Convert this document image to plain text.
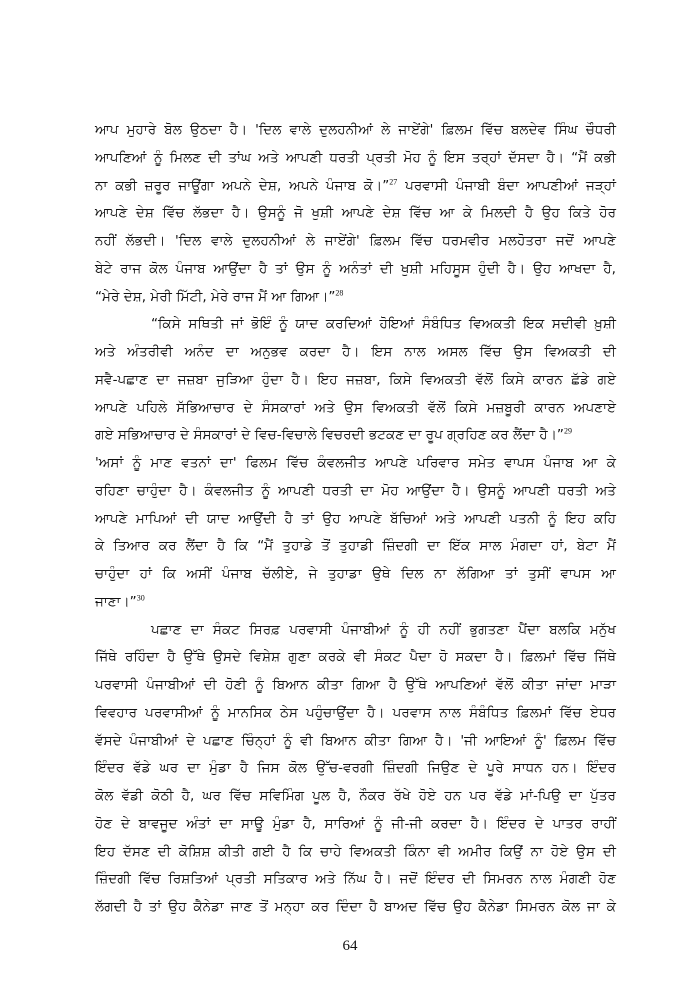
ਆਪ ਮੁਹਾਰੇ ਬੋਲ ਉਠਦਾ ਹੈ। 'ਦਿਲ ਵਾਲੇ ਦੁਲਹਨੀਆਂ ਲੇ ਜਾਏਂਗੇ' ਫ਼ਿਲਮ ਵਿੱਚ ਬਲਦੇਵ ਸਿੰਘ ਚੌਧਰੀ
ਆਪਣਿਆਂ ਨੂੰ ਮਿਲਣ ਦੀ ਤਾਂਘ ਅਤੇ ਆਪਣੀ ਧਰਤੀ ਪ੍ਰਤੀ ਮੋਹ ਨੂੰ ਇਸ ਤਰ੍ਹਾਂ ਦੱਸਦਾ ਹੈ। “ਮੈਂ ਕਭੀ
ਨਾ ਕਭੀ ਜ਼ਰੂਰ ਜਾਊਂਗਾ ਅਪਨੇ ਦੇਸ਼, ਅਪਨੇ ਪੰਜਾਬ ਕੋ।”$^{27}$ ਪਰਵਾਸੀ ਪੰਜਾਬੀ ਬੰਦਾ ਆਪਣੀਆਂ ਜੜ੍ਹਾਂ
ਆਪਣੇ ਦੇਸ਼ ਵਿੱਚ ਲੱਭਦਾ ਹੈ। ਉਸਨੂੰ ਜੋ ਖੁਸ਼ੀ ਆਪਣੇ ਦੇਸ਼ ਵਿੱਚ ਆ ਕੇ ਮਿਲਦੀ ਹੈ ਉਹ ਕਿਤੇ ਹੋਰ
ਨਹੀਂ ਲੱਭਦੀ। 'ਦਿਲ ਵਾਲੇ ਦੁਲਹਨੀਆਂ ਲੇ ਜਾਏਂਗੇ' ਫ਼ਿਲਮ ਵਿੱਚ ਧਰਮਵੀਰ ਮਲਹੋਤਰਾ ਜਦੋਂ ਆਪਣੇ
ਬੇਟੇ ਰਾਜ ਕੋਲ ਪੰਜਾਬ ਆਉਂਦਾ ਹੈ ਤਾਂ ਉਸ ਨੂੰ ਅਨੰਤਾਂ ਦੀ ਖੁਸ਼ੀ ਮਹਿਸੂਸ ਹੁੰਦੀ ਹੈ। ਉਹ ਆਖਦਾ ਹੈ,
“ਮੇਰੇ ਦੇਸ਼, ਮੇਰੀ ਮਿੱਟੀ, ਮੇਰੇ ਰਾਜ ਮੈਂ ਆ ਗਿਆ।”$^{28}$
“ਕਿਸੇ ਸਥਿਤੀ ਜਾਂ ਭੋਇੰ ਨੂੰ ਯਾਦ ਕਰਦਿਆਂ ਹੋਇਆਂ ਸੰਬੰਧਿਤ ਵਿਅਕਤੀ ਇਕ ਸਦੀਵੀ ਖ਼ੁਸ਼ੀ
ਅਤੇ ਅੰਤਰੀਵੀ ਅਨੰਦ ਦਾ ਅਨੁਭਵ ਕਰਦਾ ਹੈ। ਇਸ ਨਾਲ ਅਸਲ ਵਿੱਚ ਉਸ ਵਿਅਕਤੀ ਦੀ
ਸਵੈ-ਪਛਾਣ ਦਾ ਜਜ਼ਬਾ ਜੁੜਿਆ ਹੁੰਦਾ ਹੈ। ਇਹ ਜਜ਼ਬਾ, ਕਿਸੇ ਵਿਅਕਤੀ ਵੱਲੋਂ ਕਿਸੇ ਕਾਰਨ ਛੱਡੇ ਗਏ
ਆਪਣੇ ਪਹਿਲੇ ਸੱਭਿਆਚਾਰ ਦੇ ਸੰਸਕਾਰਾਂ ਅਤੇ ਉਸ ਵਿਅਕਤੀ ਵੱਲੋਂ ਕਿਸੇ ਮਜ਼ਬੂਰੀ ਕਾਰਨ ਅਪਣਾਏ
ਗਏ ਸਭਿਆਚਾਰ ਦੇ ਸੰਸਕਾਰਾਂ ਦੇ ਵਿਚ-ਵਿਚਾਲੇ ਵਿਚਰਦੀ ਭਟਕਣ ਦਾ ਰੂਪ ਗ੍ਰਹਿਣ ਕਰ ਲੈਂਦਾ ਹੈ।”$^{29}$
'ਅਸਾਂ ਨੂੰ ਮਾਣ ਵਤਨਾਂ ਦਾ' ਫਿਲਮ ਵਿੱਚ ਕੰਵਲਜੀਤ ਆਪਣੇ ਪਰਿਵਾਰ ਸਮੇਤ ਵਾਪਸ ਪੰਜਾਬ ਆ ਕੇ
ਰਹਿਣਾ ਚਾਹੁੰਦਾ ਹੈ। ਕੰਵਲਜੀਤ ਨੂੰ ਆਪਣੀ ਧਰਤੀ ਦਾ ਮੋਹ ਆਉਂਦਾ ਹੈ। ਉਸਨੂੰ ਆਪਣੀ ਧਰਤੀ ਅਤੇ
ਆਪਣੇ ਮਾਪਿਆਂ ਦੀ ਯਾਦ ਆਉਂਦੀ ਹੈ ਤਾਂ ਉਹ ਆਪਣੇ ਬੱਚਿਆਂ ਅਤੇ ਆਪਣੀ ਪਤਨੀ ਨੂੰ ਇਹ ਕਹਿ
ਕੇ ਤਿਆਰ ਕਰ ਲੈਂਦਾ ਹੈ ਕਿ “ਮੈਂ ਤੁਹਾਡੇ ਤੋਂ ਤੁਹਾਡੀ ਜ਼ਿੰਦਗੀ ਦਾ ਇੱਕ ਸਾਲ ਮੰਗਦਾ ਹਾਂ, ਬੇਟਾ ਮੈਂ
ਚਾਹੁੰਦਾ ਹਾਂ ਕਿ ਅਸੀਂ ਪੰਜਾਬ ਚੱਲੀਏ, ਜੇ ਤੁਹਾਡਾ ਉਥੇ ਦਿਲ ਨਾ ਲੱਗਿਆ ਤਾਂ ਤੁਸੀਂ ਵਾਪਸ ਆ
ਜਾਣਾ।”$^{30}$
ਪਛਾਣ ਦਾ ਸੰਕਟ ਸਿਰਫ਼ ਪਰਵਾਸੀ ਪੰਜਾਬੀਆਂ ਨੂੰ ਹੀ ਨਹੀਂ ਭੁਗਤਣਾ ਪੈਂਦਾ ਬਲਕਿ ਮਨੁੱਖ
ਜਿੱਥੇ ਰਹਿੰਦਾ ਹੈ ਉੱਥੇ ਉਸਦੇ ਵਿਸ਼ੇਸ਼ ਗੁਣਾ ਕਰਕੇ ਵੀ ਸੰਕਟ ਪੈਦਾ ਹੋ ਸਕਦਾ ਹੈ। ਫ਼ਿਲਮਾਂ ਵਿੱਚ ਜਿੱਥੇ
ਪਰਵਾਸੀ ਪੰਜਾਬੀਆਂ ਦੀ ਹੋਣੀ ਨੂੰ ਬਿਆਨ ਕੀਤਾ ਗਿਆ ਹੈ ਉੱਥੇ ਆਪਣਿਆਂ ਵੱਲੋਂ ਕੀਤਾ ਜਾਂਦਾ ਮਾੜਾ
ਵਿਵਹਾਰ ਪਰਵਾਸੀਆਂ ਨੂੰ ਮਾਨਸਿਕ ਠੇਸ ਪਹੁੰਚਾਉਂਦਾ ਹੈ। ਪਰਵਾਸ ਨਾਲ ਸੰਬੰਧਿਤ ਫ਼ਿਲਮਾਂ ਵਿੱਚ ਏਧਰ
ਵੱਸਦੇ ਪੰਜਾਬੀਆਂ ਦੇ ਪਛਾਣ ਚਿੰਨ੍ਹਾਂ ਨੂੰ ਵੀ ਬਿਆਨ ਕੀਤਾ ਗਿਆ ਹੈ। 'ਜੀ ਆਇਆਂ ਨੂੰ' ਫ਼ਿਲਮ ਵਿੱਚ
ਇੰਦਰ ਵੱਡੇ ਘਰ ਦਾ ਮੁੰਡਾ ਹੈ ਜਿਸ ਕੋਲ ਉੱਚ-ਵਰਗੀ ਜ਼ਿੰਦਗੀ ਜਿਉਣ ਦੇ ਪੂਰੇ ਸਾਧਨ ਹਨ। ਇੰਦਰ
ਕੋਲ ਵੱਡੀ ਕੋਠੀ ਹੈ, ਘਰ ਵਿੱਚ ਸਵਿਮਿੰਗ ਪੂਲ ਹੈ, ਨੌਕਰ ਰੱਖੇ ਹੋਏ ਹਨ ਪਰ ਵੱਡੇ ਮਾਂ-ਪਿਉ ਦਾ ਪੁੱਤਰ
ਹੋਣ ਦੇ ਬਾਵਜੂਦ ਅੰਤਾਂ ਦਾ ਸਾਊ ਮੁੰਡਾ ਹੈ, ਸਾਰਿਆਂ ਨੂੰ ਜੀ-ਜੀ ਕਰਦਾ ਹੈ। ਇੰਦਰ ਦੇ ਪਾਤਰ ਰਾਹੀਂ
ਇਹ ਦੱਸਣ ਦੀ ਕੋਸ਼ਿਸ਼ ਕੀਤੀ ਗਈ ਹੈ ਕਿ ਚਾਹੇ ਵਿਅਕਤੀ ਕਿੰਨਾ ਵੀ ਅਮੀਰ ਕਿਉਂ ਨਾ ਹੋਏ ਉਸ ਦੀ
ਜ਼ਿੰਦਗੀ ਵਿੱਚ ਰਿਸ਼ਤਿਆਂ ਪ੍ਰਤੀ ਸਤਿਕਾਰ ਅਤੇ ਨਿੱਘ ਹੈ। ਜਦੋਂ ਇੰਦਰ ਦੀ ਸਿਮਰਨ ਨਾਲ ਮੰਗਣੀ ਹੋਣ
ਲੱਗਦੀ ਹੈ ਤਾਂ ਉਹ ਕੈਨੇਡਾ ਜਾਣ ਤੋਂ ਮਨ੍ਹਾ ਕਰ ਦਿੰਦਾ ਹੈ ਬਾਅਦ ਵਿੱਚ ਉਹ ਕੈਨੇਡਾ ਸਿਮਰਨ ਕੋਲ ਜਾ ਕੇ
64
